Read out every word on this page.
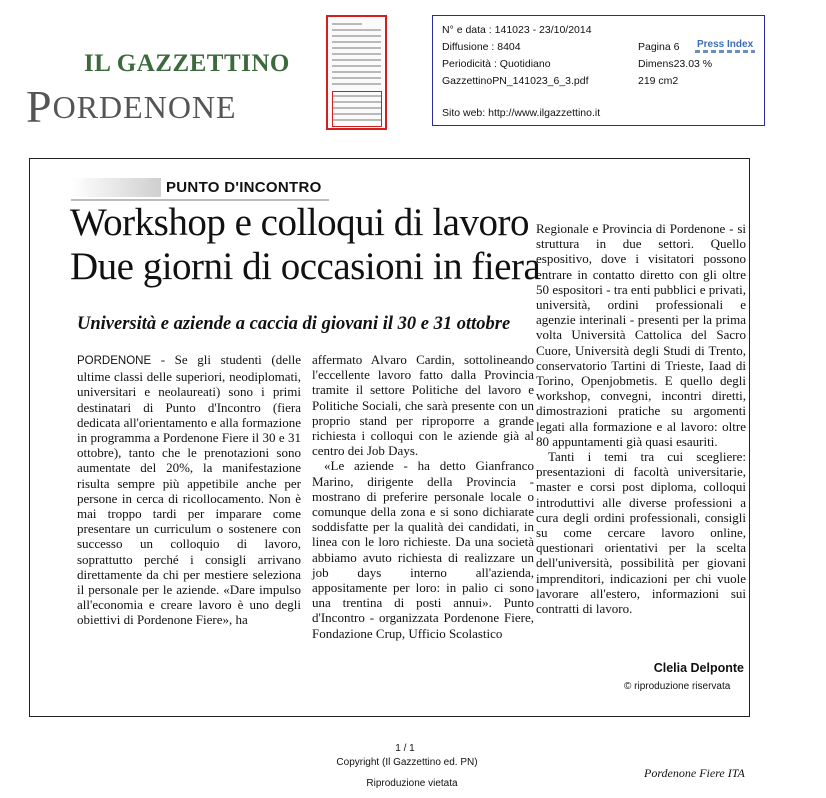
IL GAZZETTINO
PORDENONE
N° e data : 141023 - 23/10/2014
Diffusione : 8404
Periodicità : Quotidiano
GazzettinoPN_141023_6_3.pdf
Pagina 6
Dimens23.03 %
219 cm2
Sito web: http://www.ilgazzettino.it
Press Index
PUNTO D'INCONTRO
Workshop e colloqui di lavoro
Due giorni di occasioni in fiera
Università e aziende a caccia di giovani il 30 e 31 ottobre

PORDENONE - Se gli studenti (delle ultime classi delle superiori, neodiplomati, universitari e neolaureati) sono i primi destinatari di Punto d'Incontro (fiera dedicata all'orientamento e alla formazione in programma a Pordenone Fiere il 30 e 31 ottobre), tanto che le prenotazioni sono aumentate del 20%, la manifestazione risulta sempre più appetibile anche per persone in cerca di ricollocamento. Non è mai troppo tardi per imparare come presentare un curriculum o sostenere con successo un colloquio di lavoro, soprattutto perché i consigli arrivano direttamente da chi per mestiere seleziona il personale per le aziende. «Dare impulso all'economia e creare lavoro è uno degli obiettivi di Pordenone Fiere», ha

affermato Alvaro Cardin, sottolineando l'eccellente lavoro fatto dalla Provincia tramite il settore Politiche del lavoro e Politiche Sociali, che sarà presente con un proprio stand per riproporre a grande richiesta i colloqui con le aziende già al centro dei Job Days.

«Le aziende - ha detto Gianfranco Marino, dirigente della Provincia - mostrano di preferire personale locale o comunque della zona e si sono dichiarate soddisfatte per la qualità dei candidati, in linea con le loro richieste. Da una società abbiamo avuto richiesta di realizzare un job days interno all'azienda, appositamente per loro: in palio ci sono una trentina di posti annui». Punto d'Incontro - organizzata Pordenone Fiere, Fondazione Crup, Ufficio Scolastico

Regionale e Provincia di Pordenone - si struttura in due settori. Quello espositivo, dove i visitatori possono entrare in contatto diretto con gli oltre 50 espositori - tra enti pubblici e privati, università, ordini professionali e agenzie interinali - presenti per la prima volta Università Cattolica del Sacro Cuore, Università degli Studi di Trento, conservatorio Tartini di Trieste, Iaad di Torino, Openjobmetis. E quello degli workshop, convegni, incontri diretti, dimostrazioni pratiche su argomenti legati alla formazione e al lavoro: oltre 80 appuntamenti già quasi esauriti.

Tanti i temi tra cui scegliere: presentazioni di facoltà universitarie, master e corsi post diploma, colloqui introduttivi alle diverse professioni a cura degli ordini professionali, consigli su come cercare lavoro online, questionari orientativi per la scelta dell'università, possibilità per giovani imprenditori, indicazioni per chi vuole lavorare all'estero, informazioni sui contratti di lavoro.

Clelia Delponte
© riproduzione riservata
1 / 1
Copyright (Il Gazzettino ed. PN)
Riproduzione vietata
Pordenone Fiere ITA
